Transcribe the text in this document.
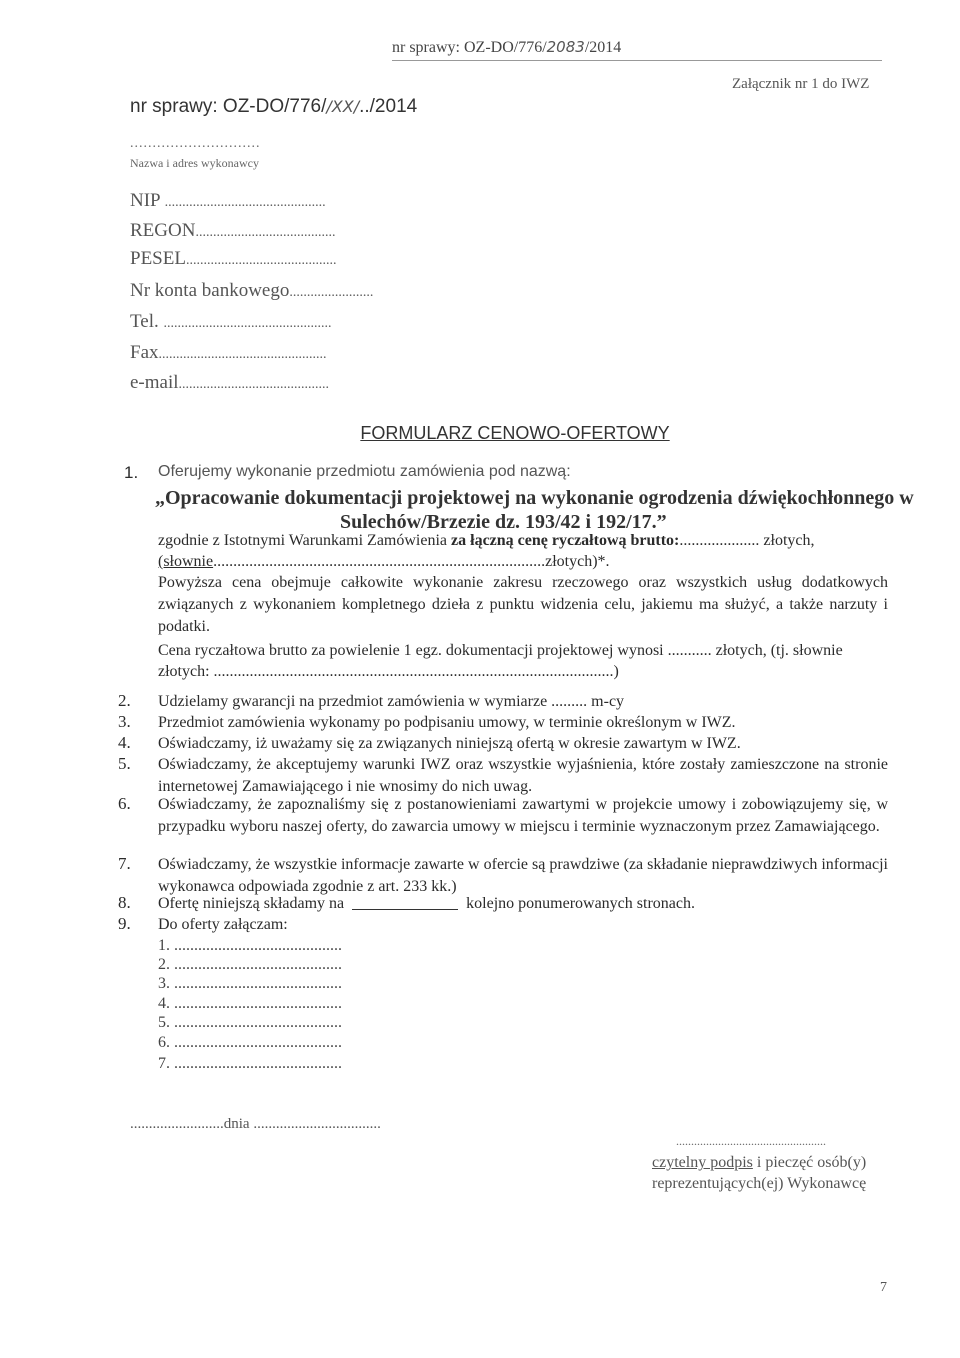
nr sprawy: OZ-DO/776/2083/2014
Załącznik nr 1 do IWZ
nr sprawy: OZ-DO/776//XX/../2014
.............................
Nazwa i adres wykonawcy
NIP ..............................................
REGON........................................
PESEL...........................................
Nr konta bankowego........................
Tel. ................................................
Fax................................................
e-mail...........................................
FORMULARZ CENOWO-OFERTOWY
1.	Oferujemy wykonanie przedmiotu zamówienia pod nazwą:
„Opracowanie dokumentacji projektowej na wykonanie ogrodzenia dźwiękochłonnego w
Sulechów/Brzezie dz. 193/42 i 192/17.”
zgodnie z Istotnymi Warunkami Zamówienia za łączną cenę ryczałtową brutto:.................... złotych,
(słownie...................................................................................złotych)*.
Powyższa cena obejmuje całkowite wykonanie zakresu rzeczowego oraz wszystkich usług dodatkowych związanych z wykonaniem kompletnego dzieła z punktu widzenia celu, jakiemu ma służyć, a także narzuty i podatki.
Cena ryczałtowa brutto za powielenie 1 egz. dokumentacji projektowej wynosi ........... złotych, (tj. słownie
złotych: ....................................................................................................)
2.	Udzielamy gwarancji na przedmiot zamówienia w wymiarze ......... m-cy
3.	Przedmiot zamówienia wykonamy po podpisaniu umowy, w terminie określonym w IWZ.
4.	Oświadczamy, iż uważamy się za związanych niniejszą ofertą w okresie zawartym w IWZ.
5.	Oświadczamy, że akceptujemy warunki IWZ oraz wszystkie wyjaśnienia, które zostały zamieszczone na stronie internetowej Zamawiającego i nie wnosimy do nich uwag.
6.	Oświadczamy, że zapoznaliśmy się z postanowieniami zawartymi w projekcie umowy i zobowiązujemy się, w przypadku wyboru naszej oferty, do zawarcia umowy w miejscu i terminie wyznaczonym przez Zamawiającego.
7.	Oświadczamy, że wszystkie informacje zawarte w ofercie są prawdziwe (za składanie nieprawdziwych informacji wykonawca odpowiada zgodnie z art. 233 kk.)
8.	Ofertę niniejszą składamy na	kolejno ponumerowanych stronach.
9.	Do oferty załączam:
1. ..........................................
2. ..........................................
3. ..........................................
4. ..........................................
5. ..........................................
6. ..........................................
7. ..........................................
.........................dnia ..................................
..................................................
czytelny podpis i pieczęć osób(y)
reprezentujących(ej) Wykonawcę
7
